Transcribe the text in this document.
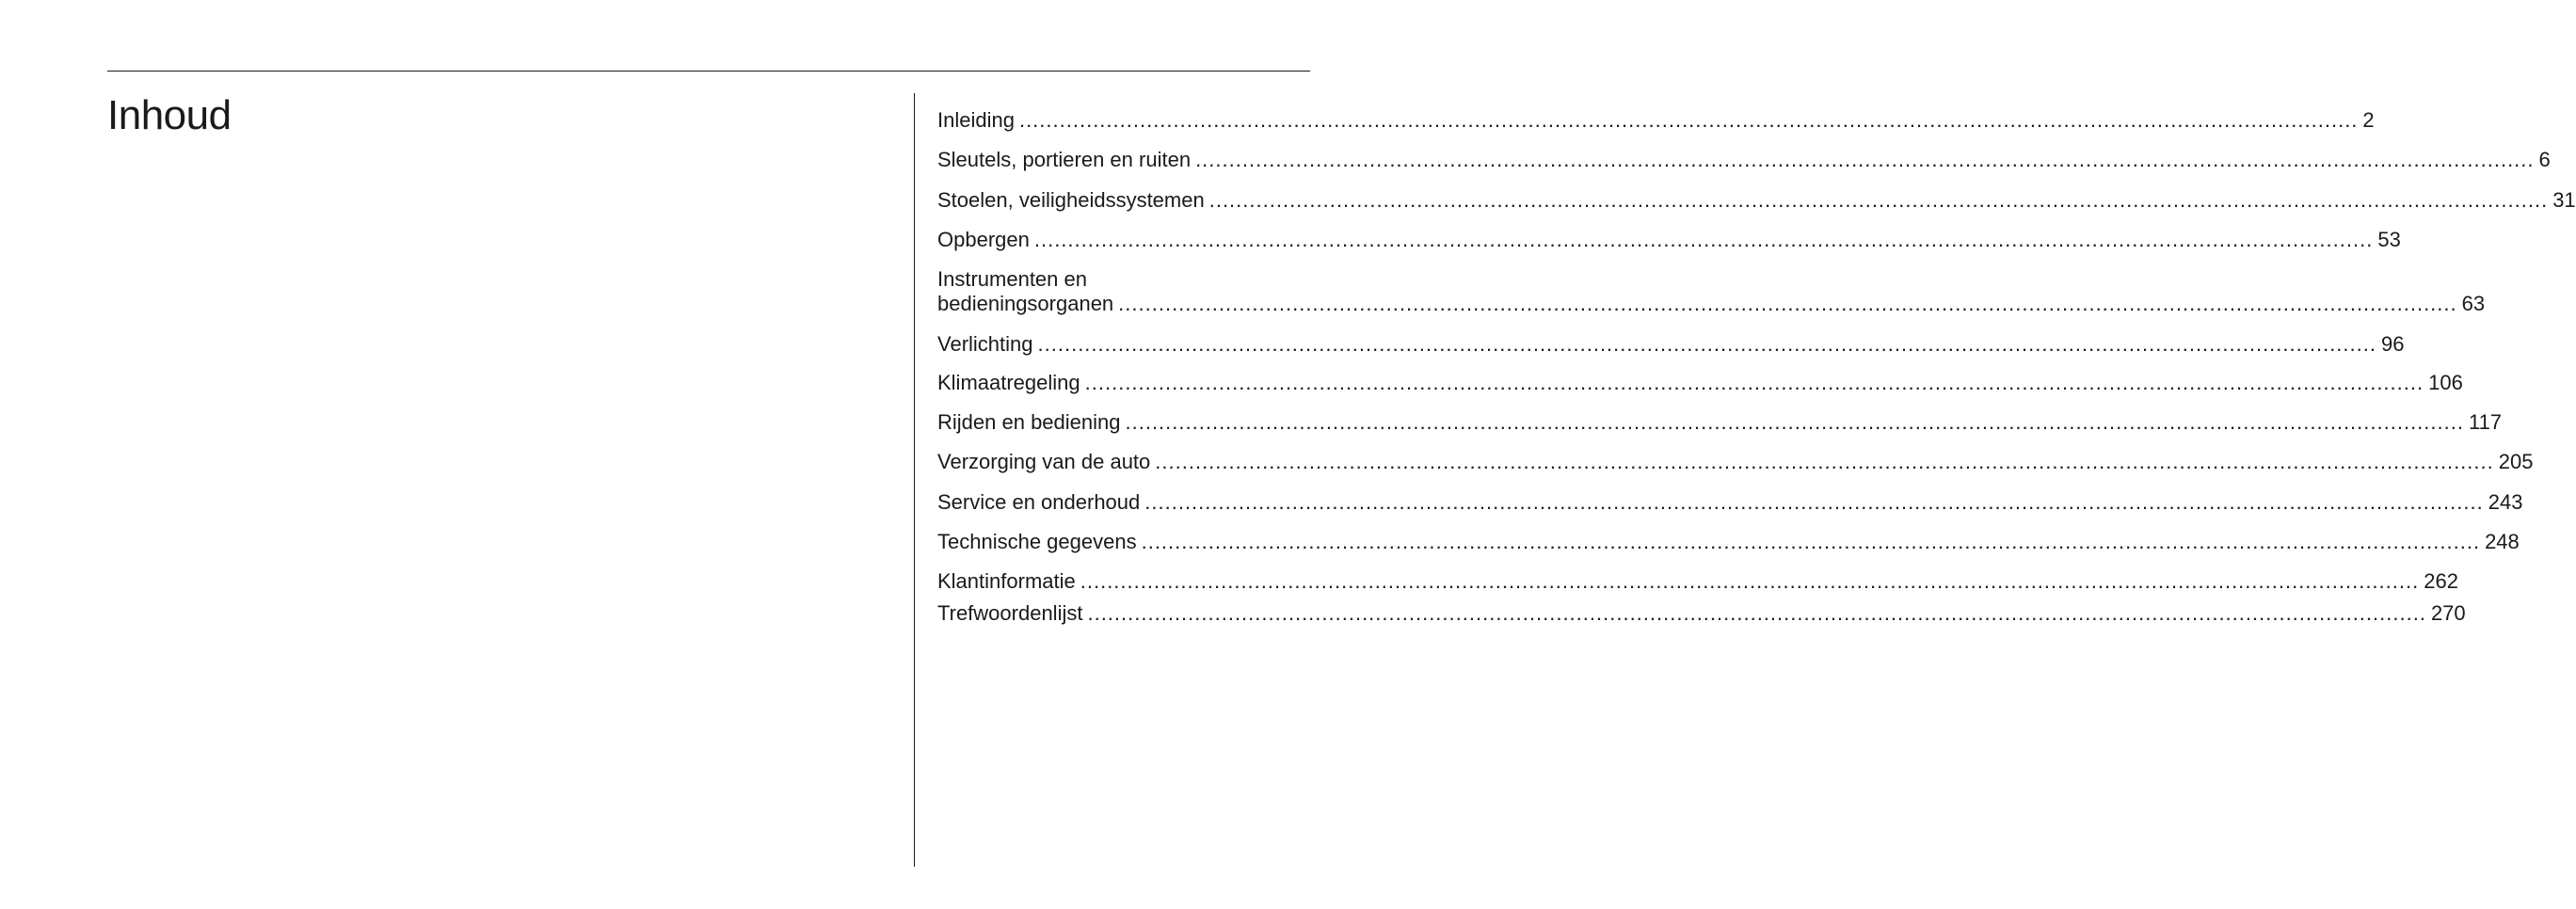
Inhoud	Inleiding ........................................................................................................................................................................................................ 2
Sleutels, portieren en ruiten ........................................................................................................................................................................................................ 6
Stoelen, veiligheidssystemen ........................................................................................................................................................................................................ 31
Opbergen ........................................................................................................................................................................................................ 53
Instrumenten en
bedieningsorganen ........................................................................................................................................................................................................ 63
Verlichting ........................................................................................................................................................................................................ 96
Klimaatregeling ........................................................................................................................................................................................................ 106
Rijden en bediening ........................................................................................................................................................................................................ 117
Verzorging van de auto ........................................................................................................................................................................................................ 205
Service en onderhoud ........................................................................................................................................................................................................ 243
Technische gegevens ........................................................................................................................................................................................................ 248
Klantinformatie ........................................................................................................................................................................................................ 262
Trefwoordenlijst ........................................................................................................................................................................................................ 270
